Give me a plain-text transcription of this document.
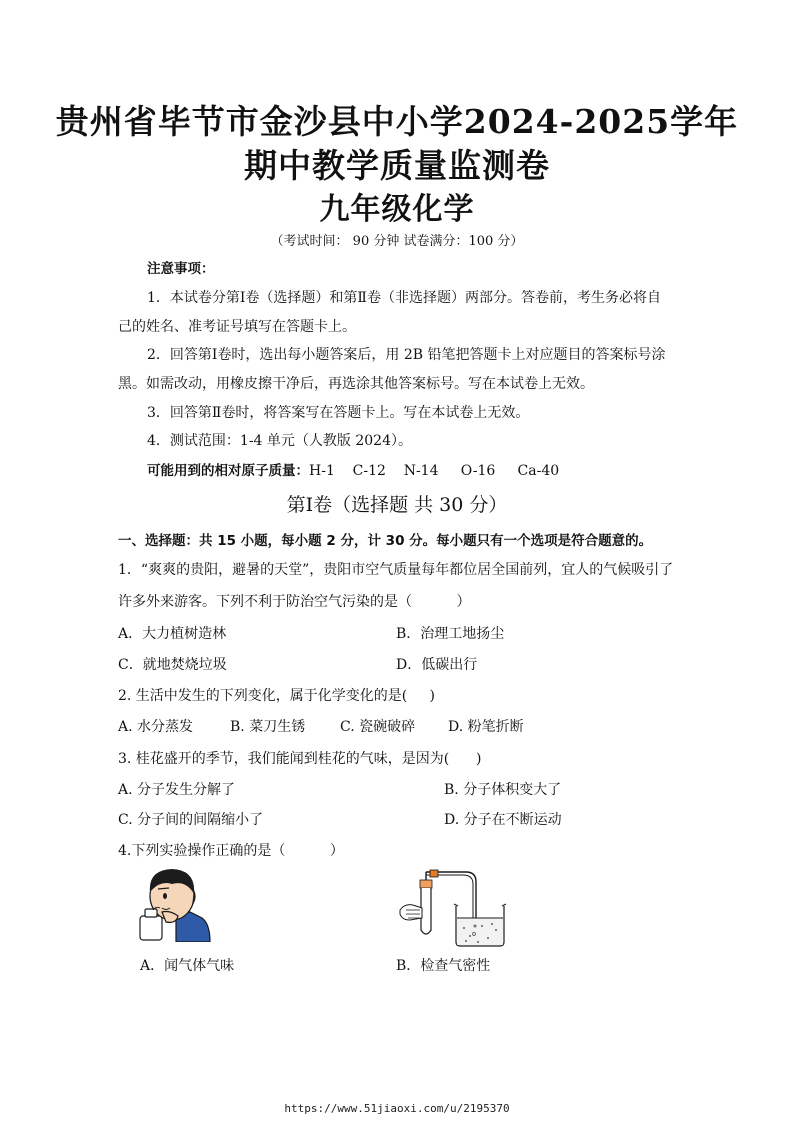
贵州省毕节市金沙县中小学2024-2025学年
期中教学质量监测卷
九年级化学
（考试时间： 90 分钟 试卷满分：100 分）
注意事项：
1．本试卷分第Ⅰ卷（选择题）和第Ⅱ卷（非选择题）两部分。答卷前，考生务必将自
己的姓名、准考证号填写在答题卡上。
2．回答第Ⅰ卷时，选出每小题答案后，用 2B 铅笔把答题卡上对应题目的答案标号涂
黑。如需改动，用橡皮擦干净后，再选涂其他答案标号。写在本试卷上无效。
3．回答第Ⅱ卷时，将答案写在答题卡上。写在本试卷上无效。
4．测试范围：1-4 单元（人教版 2024）。
可能用到的相对原子质量：H-1    C-12    N-14     O-16     Ca-40
第Ⅰ卷（选择题 共 30 分）
一、选择题：共 15 小题，每小题 2 分，计 30 分。每小题只有一个选项是符合题意的。
1．“爽爽的贵阳，避暑的天堂”，贵阳市空气质量每年都位居全国前列，宜人的气候吸引了
许多外来游客。下列不利于防治空气污染的是（          ）
A．大力植树造林	B．治理工地扬尘
C．就地焚烧垃圾	D．低碳出行
2. 生活中发生的下列变化，属于化学变化的是(     )
A. 水分蒸发	B. 菜刀生锈 C. 瓷碗破碎 D. 粉笔折断
3. 桂花盛开的季节，我们能闻到桂花的气味，是因为(      )
A. 分子发生分解了	B. 分子体积变大了
C. 分子间的间隔缩小了	D. 分子在不断运动
4.下列实验操作正确的是（          ）
A．闻气体气味	B．检查气密性
https://www.51jiaoxi.com/u/2195370
